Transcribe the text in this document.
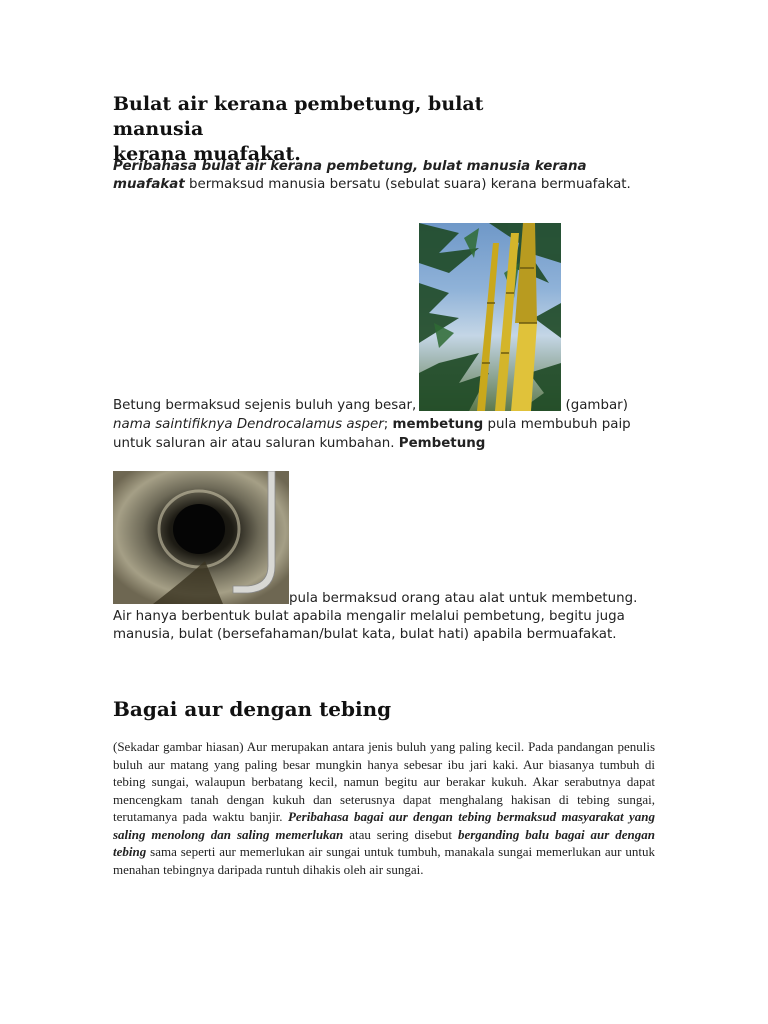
Bulat air kerana pembetung, bulat manusia
kerana muafakat.
Peribahasa bulat air kerana pembetung, bulat manusia kerana muafakat bermaksud manusia bersatu (sebulat suara) kerana bermuafakat.
Betung bermaksud sejenis buluh yang besar,	(gambar) nama saintifiknya Dendrocalamus asper; membetung pula membubuh paip untuk saluran air atau saluran kumbahan. Pembetung
pula bermaksud orang atau alat untuk membetung. Air hanya berbentuk bulat apabila mengalir melalui pembetung, begitu juga manusia, bulat (bersefahaman/bulat kata, bulat hati) apabila bermuafakat.
Bagai aur dengan tebing
(Sekadar gambar hiasan) Aur merupakan antara jenis buluh yang paling kecil. Pada pandangan penulis buluh aur matang yang paling besar mungkin hanya sebesar ibu jari kaki. Aur biasanya tumbuh di tebing sungai, walaupun berbatang kecil, namun begitu aur berakar kukuh. Akar serabutnya dapat mencengkam tanah dengan kukuh dan seterusnya dapat menghalang hakisan di tebing sungai, terutamanya pada waktu banjir. Peribahasa bagai aur dengan tebing bermaksud masyarakat yang saling menolong dan saling memerlukan atau sering disebut berganding balu bagai aur dengan tebing sama seperti aur memerlukan air sungai untuk tumbuh, manakala sungai memerlukan aur untuk menahan tebingnya daripada runtuh dihakis oleh air sungai.
